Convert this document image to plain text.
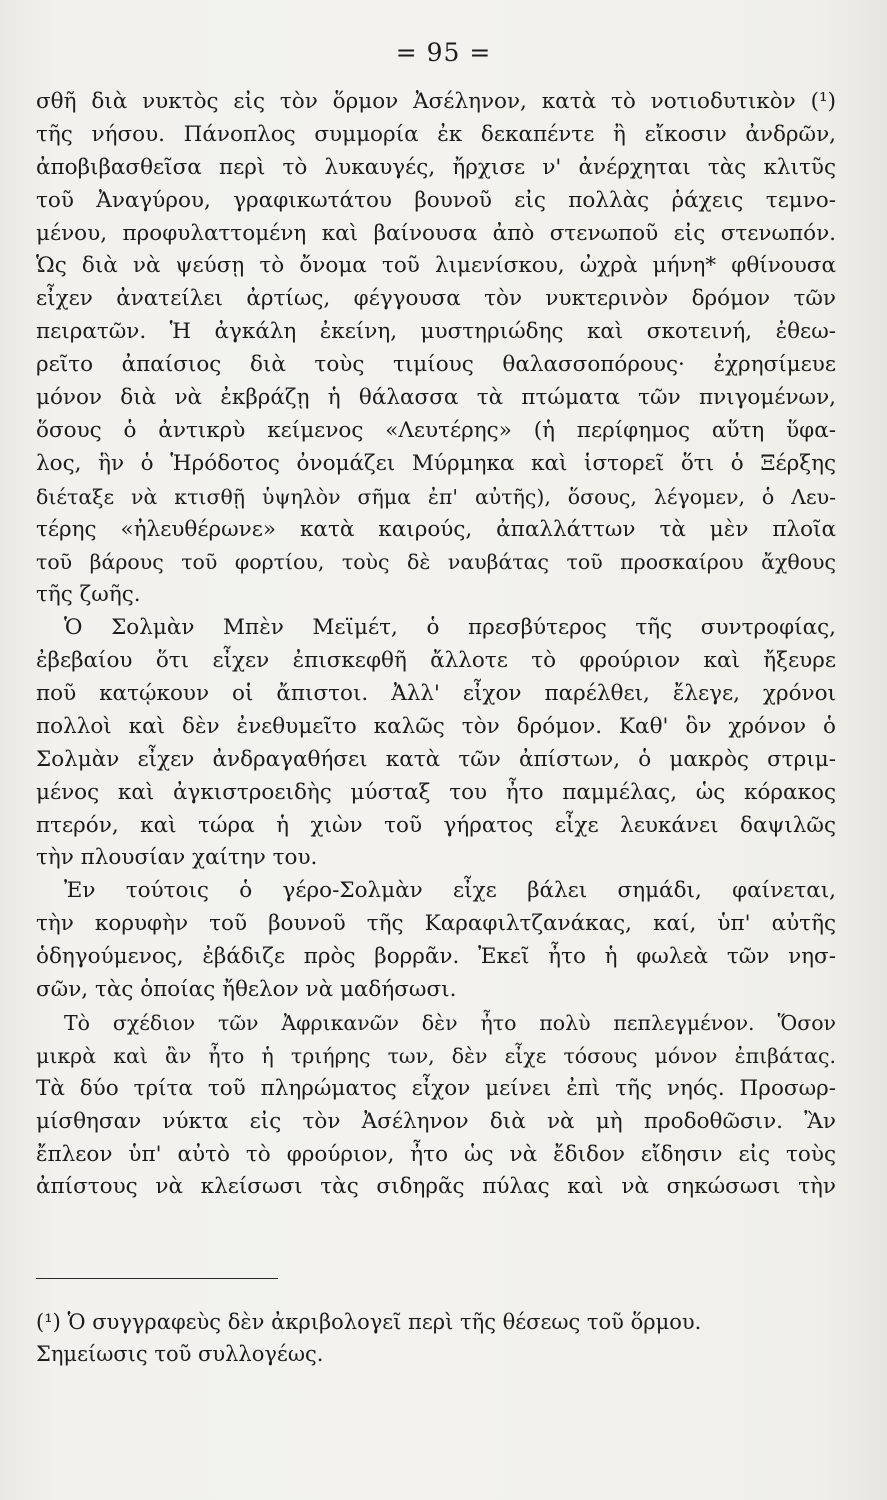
= 95 =
σθῆ διὰ νυκτὸς εἰς τὸν ὅρμον Ἀσέληνον, κατὰ τὸ νοτιοδυτικὸν (¹)
τῆς νήσου. Πάνοπλος συμμορία ἐκ δεκαπέντε ἢ εἴκοσιν ἀνδρῶν,
ἀποβιβασθεῖσα περὶ τὸ λυκαυγές, ἤρχισε ν' ἀνέρχηται τὰς κλιτῦς
τοῦ Ἀναγύρου, γραφικωτάτου βουνοῦ εἰς πολλὰς ῥάχεις τεμνο-
μένου, προφυλαττομένη καὶ βαίνουσα ἀπὸ στενωποῦ εἰς στενωπόν.
Ὡς διὰ νὰ ψεύσῃ τὸ ὄνομα τοῦ λιμενίσκου, ὠχρὰ μήνη* φθίνουσα
εἶχεν ἀνατείλει ἀρτίως, φέγγουσα τὸν νυκτερινὸν δρόμον τῶν
πειρατῶν. Ἡ ἀγκάλη ἐκείνη, μυστηριώδης καὶ σκοτεινή, ἐθεω-
ρεῖτο ἀπαίσιος διὰ τοὺς τιμίους θαλασσοπόρους· ἐχρησίμευε
μόνον διὰ νὰ ἐκβράζῃ ἡ θάλασσα τὰ πτώματα τῶν πνιγομένων,
ὅσους ὁ ἀντικρὺ κείμενος «Λευτέρης» (ἡ περίφημος αὕτη ὕφα-
λος, ἣν ὁ Ἡρόδοτος ὀνομάζει Μύρμηκα καὶ ἱστορεῖ ὅτι ὁ Ξέρξης
διέταξε νὰ κτισθῇ ὑψηλὸν σῆμα ἐπ' αὐτῆς), ὅσους, λέγομεν, ὁ Λευ-
τέρης «ἠλευθέρωνε» κατὰ καιρούς, ἀπαλλάττων τὰ μὲν πλοῖα
τοῦ βάρους τοῦ φορτίου, τοὺς δὲ ναυβάτας τοῦ προσκαίρου ἄχθους
τῆς ζωῆς.
Ὁ Σολμὰν Μπὲν Μεϊμέτ, ὁ πρεσβύτερος τῆς συντροφίας,
ἐβεβαίου ὅτι εἶχεν ἐπισκεφθῆ ἄλλοτε τὸ φρούριον καὶ ἤξευρε
ποῦ κατῴκουν οἱ ἄπιστοι. Ἀλλ' εἶχον παρέλθει, ἔλεγε, χρόνοι
πολλοὶ καὶ δὲν ἐνεθυμεῖτο καλῶς τὸν δρόμον. Καθ' ὃν χρόνον ὁ
Σολμὰν εἶχεν ἀνδραγαθήσει κατὰ τῶν ἀπίστων, ὁ μακρὸς στριμ-
μένος καὶ ἀγκιστροειδὴς μύσταξ του ἦτο παμμέλας, ὡς κόρακος
πτερόν, καὶ τώρα ἡ χιὼν τοῦ γήρατος εἶχε λευκάνει δαψιλῶς
τὴν πλουσίαν χαίτην του.
Ἐν τούτοις ὁ γέρο-Σολμὰν εἶχε βάλει σημάδι, φαίνεται,
τὴν κορυφὴν τοῦ βουνοῦ τῆς Καραφιλτζανάκας, καί, ὑπ' αὐτῆς
ὁδηγούμενος, ἐβάδιζε πρὸς βορρᾶν. Ἐκεῖ ἦτο ἡ φωλεὰ τῶν νησ-
σῶν, τὰς ὁποίας ἤθελον νὰ μαδήσωσι.
Τὸ σχέδιον τῶν Ἀφρικανῶν δὲν ἦτο πολὺ πεπλεγμένον. Ὅσον
μικρὰ καὶ ἂν ἦτο ἡ τριήρης των, δὲν εἶχε τόσους μόνον ἐπιβάτας.
Τὰ δύο τρίτα τοῦ πληρώματος εἶχον μείνει ἐπὶ τῆς νηός. Προσωρ-
μίσθησαν νύκτα εἰς τὸν Ἀσέληνον διὰ νὰ μὴ προδοθῶσιν. Ἂν
ἔπλεον ὑπ' αὐτὸ τὸ φρούριον, ἦτο ὡς νὰ ἔδιδον εἴδησιν εἰς τοὺς
ἀπίστους νὰ κλείσωσι τὰς σιδηρᾶς πύλας καὶ νὰ σηκώσωσι τὴν
(¹) Ὁ συγγραφεὺς δὲν ἀκριβολογεῖ περὶ τῆς θέσεως τοῦ ὅρμου.
Σημείωσις τοῦ συλλογέως.
